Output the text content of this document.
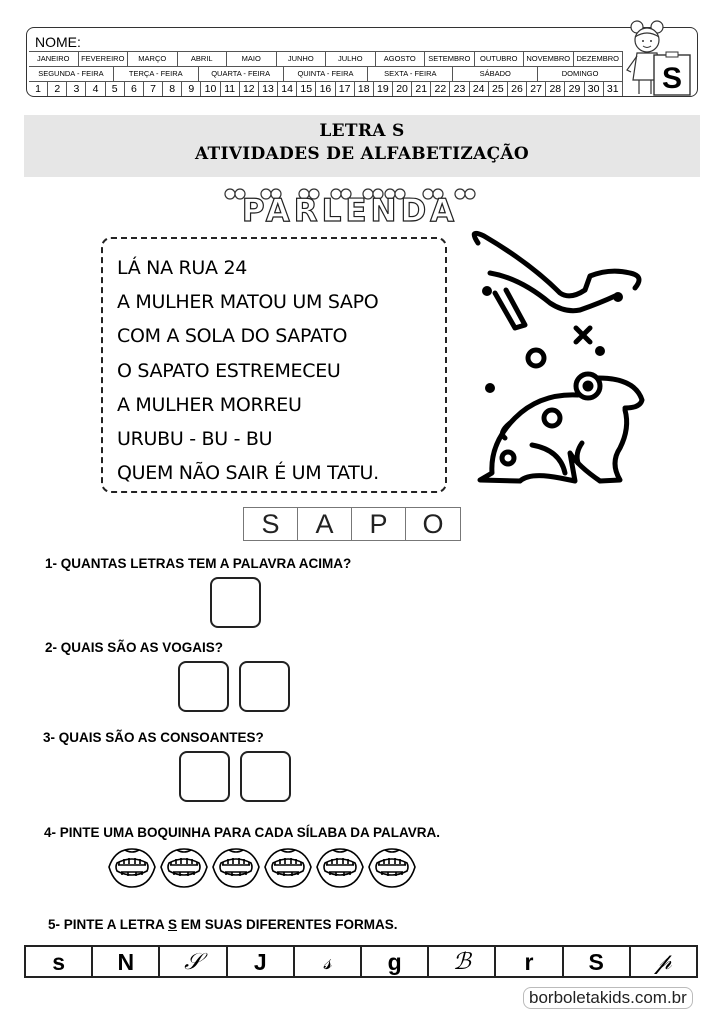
NOME:
JANEIRO	FEVEREIRO	MARÇO	ABRIL	MAIO	JUNHO	JULHO	AGOSTO	SETEMBRO	OUTUBRO	NOVEMBRO DEZEMBRO
SEGUNDA - FEIRA	TERÇA - FEIRA	QUARTA - FEIRA	QUINTA - FEIRA	SEXTA - FEIRA	SÁBADO	DOMINGO
1	2	3	4	5	6	7	8	9 10 11 12 13 14 15 16 17 18 19 20 21 22 23 24 25 26 27 28 29 30 31 S
LETRA S
ATIVIDADES DE ALFABETIZAÇÃO
PARLENDA

LÁ NA RUA 24

A MULHER MATOU UM SAPO

COM A SOLA DO SAPATO

O SAPATO ESTREMECEU

A MULHER MORREU

URUBU - BU - BU

QUEM NÃO SAIR É UM TATU.

S	A	P	O
1- QUANTAS LETRAS TEM A PALAVRA ACIMA?
2- QUAIS SÃO AS VOGAIS?
3- QUAIS SÃO AS CONSOANTES?
4- PINTE UMA BOQUINHA PARA CADA SÍLABA DA PALAVRA.
5- PINTE A LETRA S EM SUAS DIFERENTES FORMAS.
s	N	𝒮	J	𝓈	g	ℬ	r	S	𝓅
borboletakids.com.br
